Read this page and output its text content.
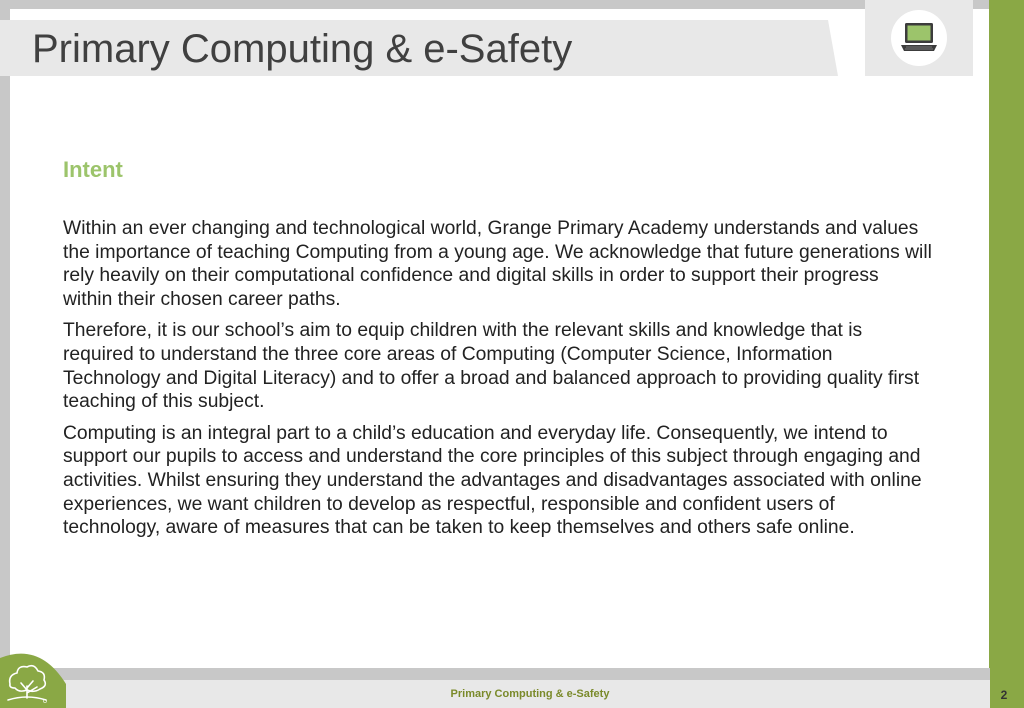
Primary Computing & e-Safety
Intent

Within an ever changing and technological world, Grange Primary Academy understands and values the importance of teaching Computing from a young age. We acknowledge that future generations will rely heavily on their computational confidence and digital skills in order to support their progress within their chosen career paths.

Therefore, it is our school’s aim to equip children with the relevant skills and knowledge that is required to understand the three core areas of Computing (Computer Science, Information Technology and Digital Literacy) and to offer a broad and balanced approach to providing quality first teaching of this subject.

Computing is an integral part to a child’s education and everyday life. Consequently, we intend to support our pupils to access and understand the core principles of this subject through engaging and activities. Whilst ensuring they understand the advantages and disadvantages associated with online experiences, we want children to develop as respectful, responsible and confident users of technology, aware of measures that can be taken to keep themselves and others safe online.

Primary Computing & e-Safety	2
